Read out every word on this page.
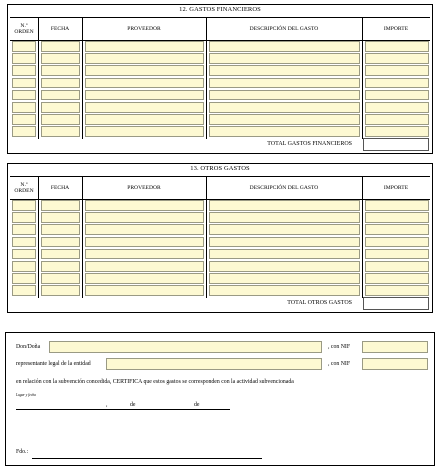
12. GASTOS FINANCIEROS
N.º
ORDEN	FECHA	PROVEEDOR	DESCRIPCIÓN DEL GASTO	IMPORTE
TOTAL GASTOS FINANCIEROS
13. OTROS GASTOS
N.º
ORDEN	FECHA	PROVEEDOR	DESCRIPCIÓN DEL GASTO	IMPORTE
TOTAL OTROS GASTOS
Don/Doña	, con NIF
representante legal de la entidad	, con NIF
en relación con la subvención concedida, CERTIFICA que estos gastos se corresponden con la actividad subvencionada
Lugar y fecha
,	de	de
Fdo.:
